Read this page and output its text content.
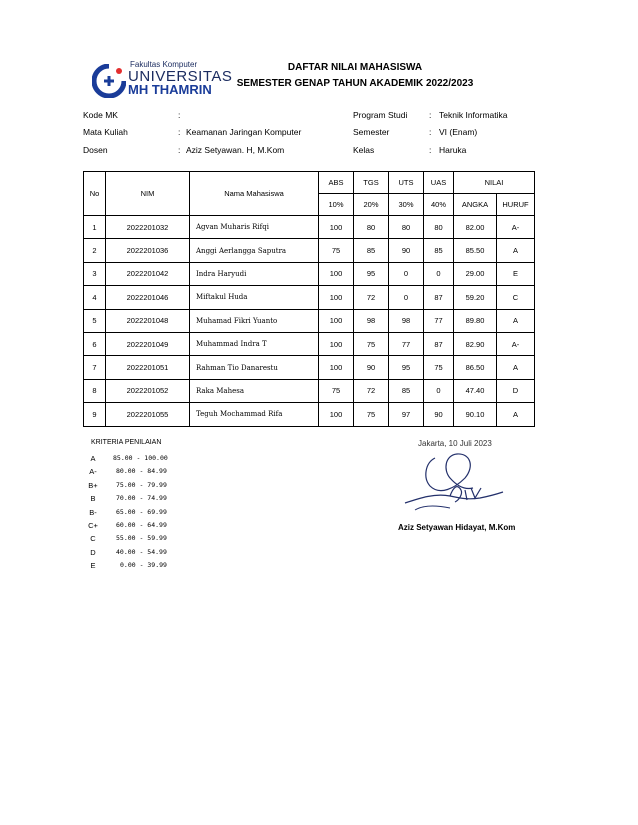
Fakultas Komputer
UNIVERSITAS
MH THAMRIN
DAFTAR NILAI MAHASISWA
SEMESTER GENAP TAHUN AKADEMIK 2022/2023
Kode MK	:
Mata Kuliah	: Keamanan Jaringan Komputer
Dosen	: Aziz Setyawan. H, M.Kom
Program Studi	: Teknik Informatika
Semester	: VI (Enam)
Kelas	: Haruka
No	NIM	Nama Mahasiswa	ABS	TGS	UTS	UAS	NILAI	
			10%	20%	30%	40%	ANGKA	HURUF
1	2022201032	Agvan Muharis Rifqi	100	80	80	80	82.00	A-
2	2022201036	Anggi Aerlangga Saputra	75	85	90	85	85.50	A
3	2022201042	Indra Haryudi	100	95	0	0	29.00	E
4	2022201046	Miftakul Huda	100	72	0	87	59.20	C
5	2022201048	Muhamad Fikri Yuanto	100	98	98	77	89.80	A
6	2022201049	Muhammad Indra T	100	75	77	87	82.90	A-
7	2022201051	Rahman Tio Danarestu	100	90	95	75	86.50	A
8	2022201052	Raka Mahesa	75	72	85	0	47.40	D
9	2022201055	Teguh Mochammad Rifa	100	75	97	90	90.10	A
KRITERIA PENILAIAN
A	85.00 - 100.00
A-	80.00 - 84.99
B+	75.00 - 79.99
B	70.00 - 74.99
B-	65.00 - 69.99
C+	60.00 - 64.99
C	55.00 - 59.99
D	40.00 - 54.99
E	0.00 - 39.99
Jakarta, 10 Juli 2023
Aziz Setyawan Hidayat, M.Kom
